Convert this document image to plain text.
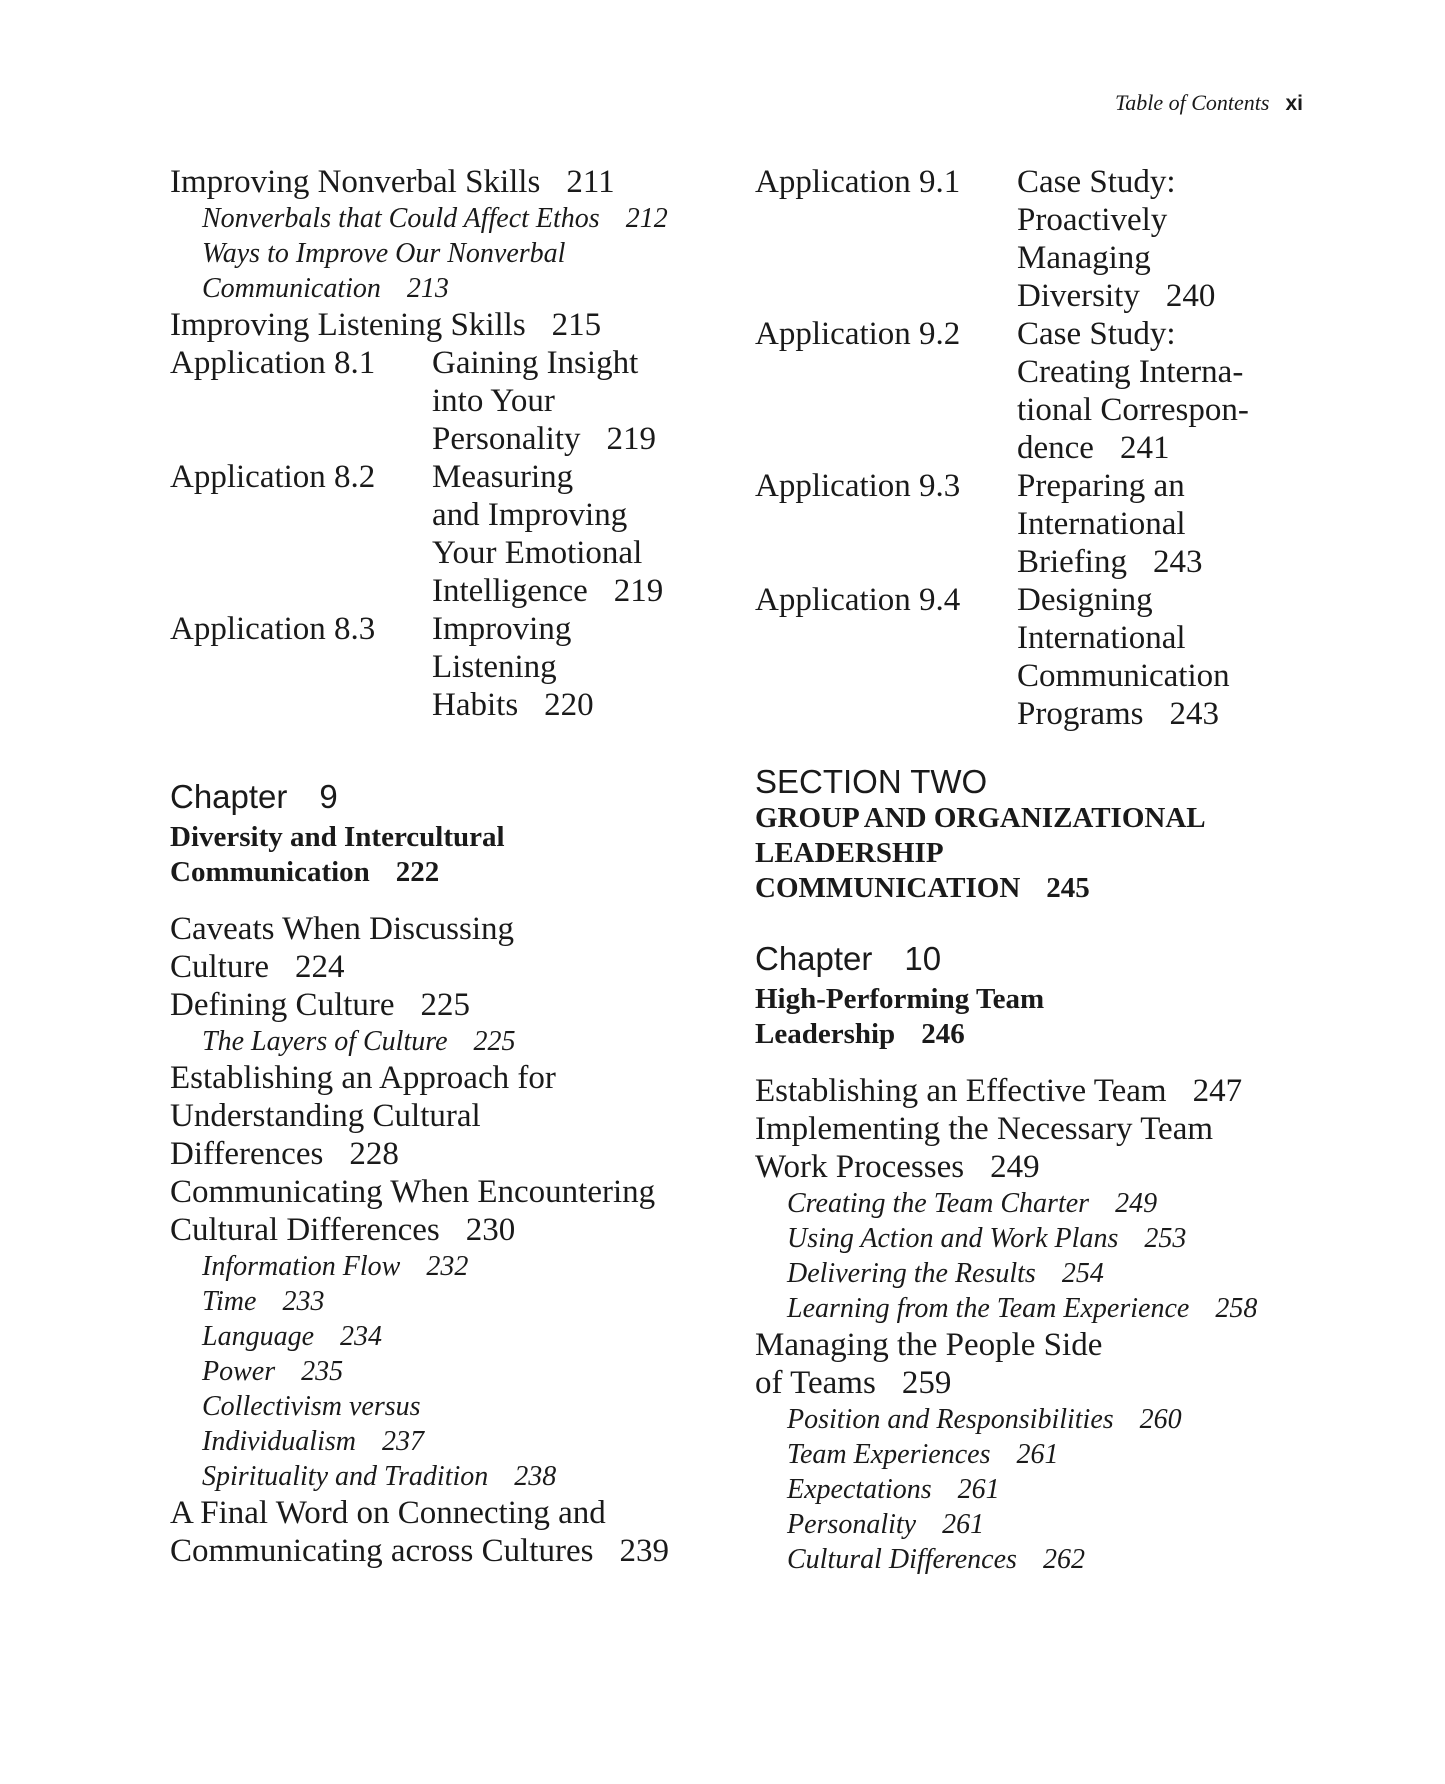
Table of Contents xi
Improving Nonverbal Skills 211
Nonverbals that Could Affect Ethos 212
Ways to Improve Our Nonverbal
Communication 213
Improving Listening Skills 215
Application 8.1	Gaining Insight
into Your
Personality 219
Application 8.2	Measuring
and Improving
Your Emotional
Intelligence 219
Application 8.3	Improving
Listening
Habits 220
Chapter 9
Diversity and Intercultural
Communication 222
Caveats When Discussing
Culture 224
Defining Culture 225
The Layers of Culture 225
Establishing an Approach for
Understanding Cultural
Differences 228
Communicating When Encountering
Cultural Differences 230
Information Flow 232
Time 233
Language 234
Power 235
Collectivism versus
Individualism 237
Spirituality and Tradition 238
A Final Word on Connecting and
Communicating across Cultures 239
Application 9.1	Case Study:
Proactively
Managing
Diversity 240
Application 9.2	Case Study:
Creating Interna-
tional Correspon-
dence 241
Application 9.3	Preparing an
International
Briefing 243
Application 9.4	Designing
International
Communication
Programs 243
SECTION TWO
GROUP AND ORGANIZATIONAL
LEADERSHIP
COMMUNICATION 245
Chapter 10
High-Performing Team
Leadership 246
Establishing an Effective Team 247
Implementing the Necessary Team
Work Processes 249
Creating the Team Charter 249
Using Action and Work Plans 253
Delivering the Results 254
Learning from the Team Experience 258
Managing the People Side
of Teams 259
Position and Responsibilities 260
Team Experiences 261
Expectations 261
Personality 261
Cultural Differences 262
